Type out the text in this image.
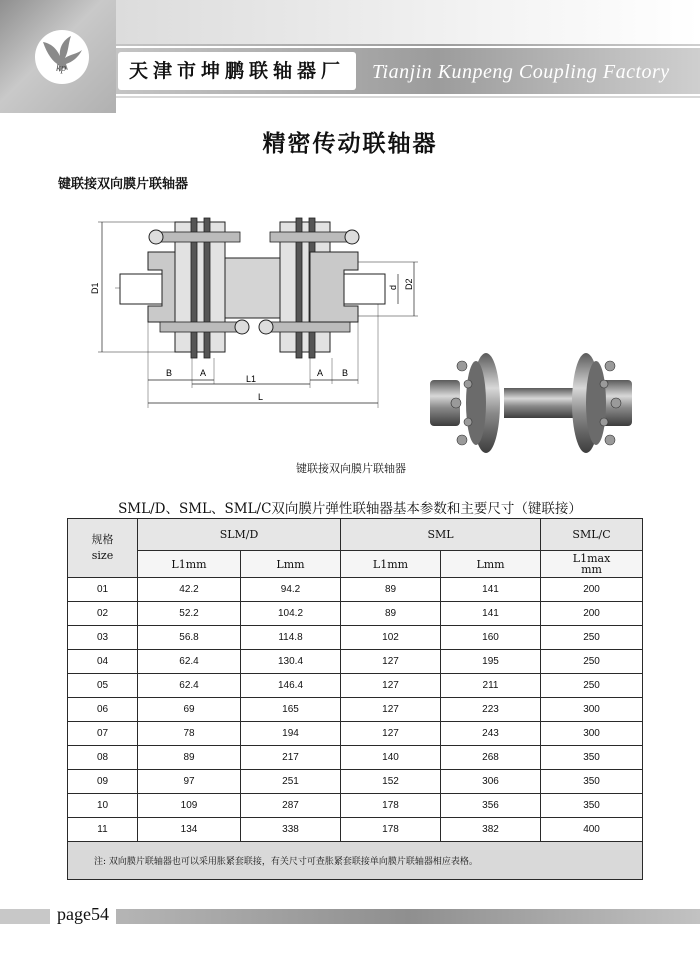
kp	天津市坤鹏联轴器厂	Tianjin Kunpeng Coupling Factory
精密传动联轴器
键联接双向膜片联轴器
D1	d D2
B	A
L1
A B
L
键联接双向膜片联轴器
SML/D、SML、SML/C双向膜片弹性联轴器基本参数和主要尺寸（键联接）
规格
size	SLM/D		SML		SML/C
	L1mm	Lmm	L1mm	Lmm	L1max
mm

01	42.2	94.2	89	141	200
02	52.2	104.2	89	141	200
03	56.8	114.8	102	160	250
04	62.4	130.4	127	195	250
05	62.4	146.4	127	211	250
06	69	165	127	223	300
07	78	194	127	243	300
08	89	217	140	268	350
09	97	251	152	306	350
10	109	287	178	356	350
11	134	338	178	382	400
注: 双向膜片联轴器也可以采用胀紧套联接，有关尺寸可查胀紧套联接单向膜片联轴器相应表格。					
page54
